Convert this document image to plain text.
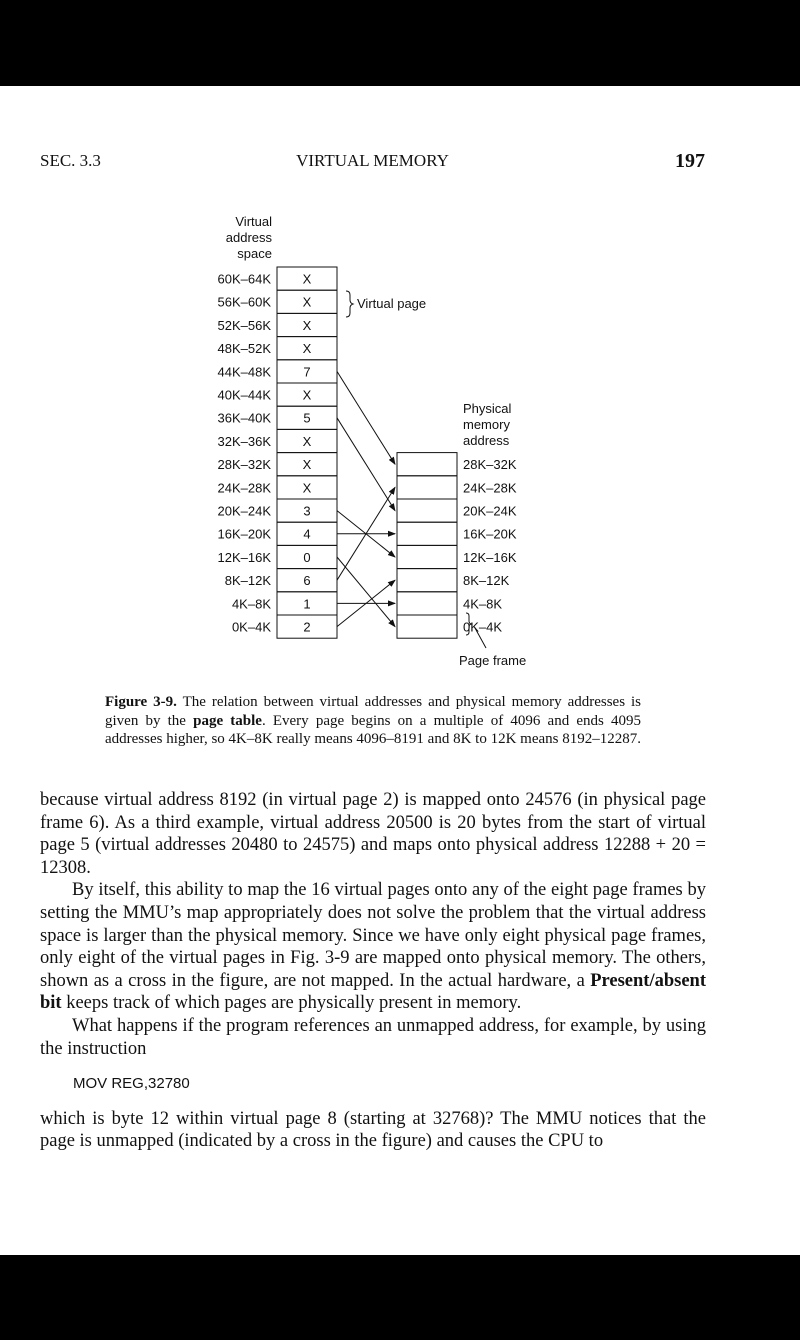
SEC. 3.3	VIRTUAL MEMORY	197
Virtual
address
space
60K–64K X
56K–60K X
52K–56K X
48K–52K X
44K–48K 7
40K–44K X
36K–40K 5
32K–36K X
28K–32K X
24K–28K X
20K–24K 3
16K–20K 4
12K–16K 0
8K–12K 6
4K–8K 1
0K–4K 2
Virtual page
Physical
memory
address
28K–32K
24K–28K
20K–24K
16K–20K
12K–16K
8K–12K
4K–8K
0K–4K
Page frame
Figure 3-9. The relation between virtual addresses and physical memory addresses is given by the page table. Every page begins on a multiple of 4096 and ends 4095 addresses higher, so 4K–8K really means 4096–8191 and 8K to 12K means 8192–12287.

because virtual address 8192 (in virtual page 2) is mapped onto 24576 (in physical page frame 6). As a third example, virtual address 20500 is 20 bytes from the start of virtual page 5 (virtual addresses 20480 to 24575) and maps onto physical address 12288 + 20 = 12308.

By itself, this ability to map the 16 virtual pages onto any of the eight page frames by setting the MMU’s map appropriately does not solve the problem that the virtual address space is larger than the physical memory. Since we have only eight physical page frames, only eight of the virtual pages in Fig. 3-9 are mapped onto physical memory. The others, shown as a cross in the figure, are not mapped. In the actual hardware, a Present/absent bit keeps track of which pages are physically present in memory.

What happens if the program references an unmapped address, for example, by using the instruction

MOV REG,32780

which is byte 12 within virtual page 8 (starting at 32768)? The MMU notices that the page is unmapped (indicated by a cross in the figure) and causes the CPU to
